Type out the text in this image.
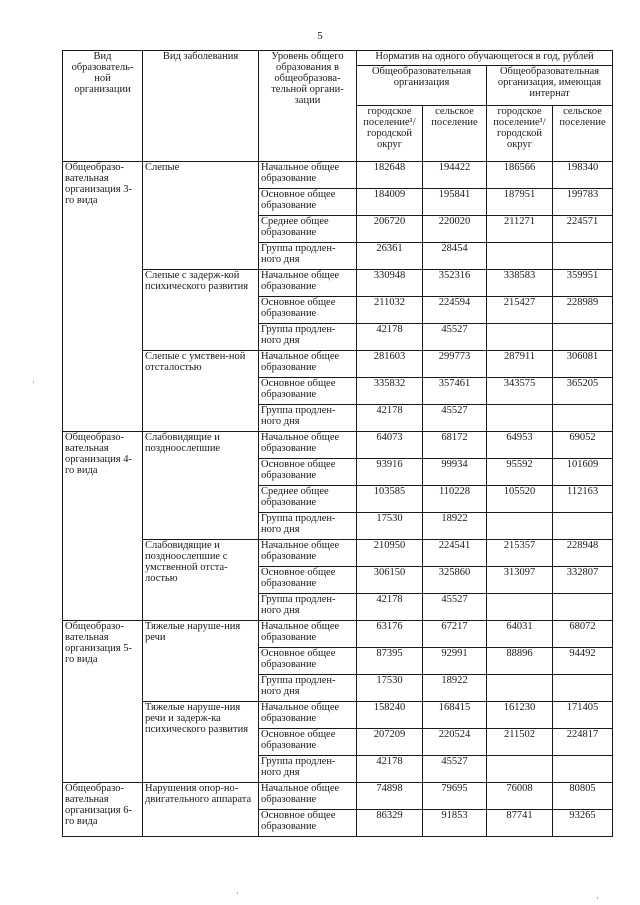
5
Вид образователь-ной организации	Вид заболевания	Уровень общего образования в общеобразова-тельной органи-зации	Норматив на одного обучающегося в год, рублей			
			Общеобразовательная организация		Общеобразовательная организация, имеющая интернат	
			городское поселение¹/ городской округ	сельское поселение	городское поселение¹/ городской округ	сельское поселение
Общеобразо-вательная организация 3-го вида	Слепые	Начальное общее образование	182648	194422	186566	198340
		Основное общее образование	184009	195841	187951	199783
		Среднее общее образование	206720	220020	211271	224571
		Группа продлен-ного дня	26361	28454		
	Слепые с задерж-кой психического развития	Начальное общее образование	330948	352316	338583	359951
		Основное общее образование	211032	224594	215427	228989
		Группа продлен-ного дня	42178	45527		
	Слепые с умствен-ной отсталостью	Начальное общее образование	281603	299773	287911	306081
		Основное общее образование	335832	357461	343575	365205
		Группа продлен-ного дня	42178	45527		
Общеобразо-вательная организация 4-го вида	Слабовидящие и поздноослепшие	Начальное общее образование	64073	68172	64953	69052
		Основное общее образование	93916	99934	95592	101609
		Среднее общее образование	103585	110228	105520	112163
		Группа продлен-ного дня	17530	18922		
	Слабовидящие и поздноослепшие с умственной отста-лостью	Начальное общее образование	210950	224541	215357	228948
		Основное общее образование	306150	325860	313097	332807
		Группа продлен-ного дня	42178	45527		
Общеобразо-вательная организация 5-го вида	Тяжелые наруше-ния речи	Начальное общее образование	63176	67217	64031	68072
		Основное общее образование	87395	92991	88896	94492
		Группа продлен-ного дня	17530	18922		
	Тяжелые наруше-ния речи и задерж-ка психического развития	Начальное общее образование	158240	168415	161230	171405
		Основное общее образование	207209	220524	211502	224817
		Группа продлен-ного дня	42178	45527		
Общеобразо-вательная организация 6-го вида	Нарушения опор-но-двигательного аппарата	Начальное общее образование	74898	79695	76008	80805
		Основное общее образование	86329	91853	87741	93265
·
·	·
